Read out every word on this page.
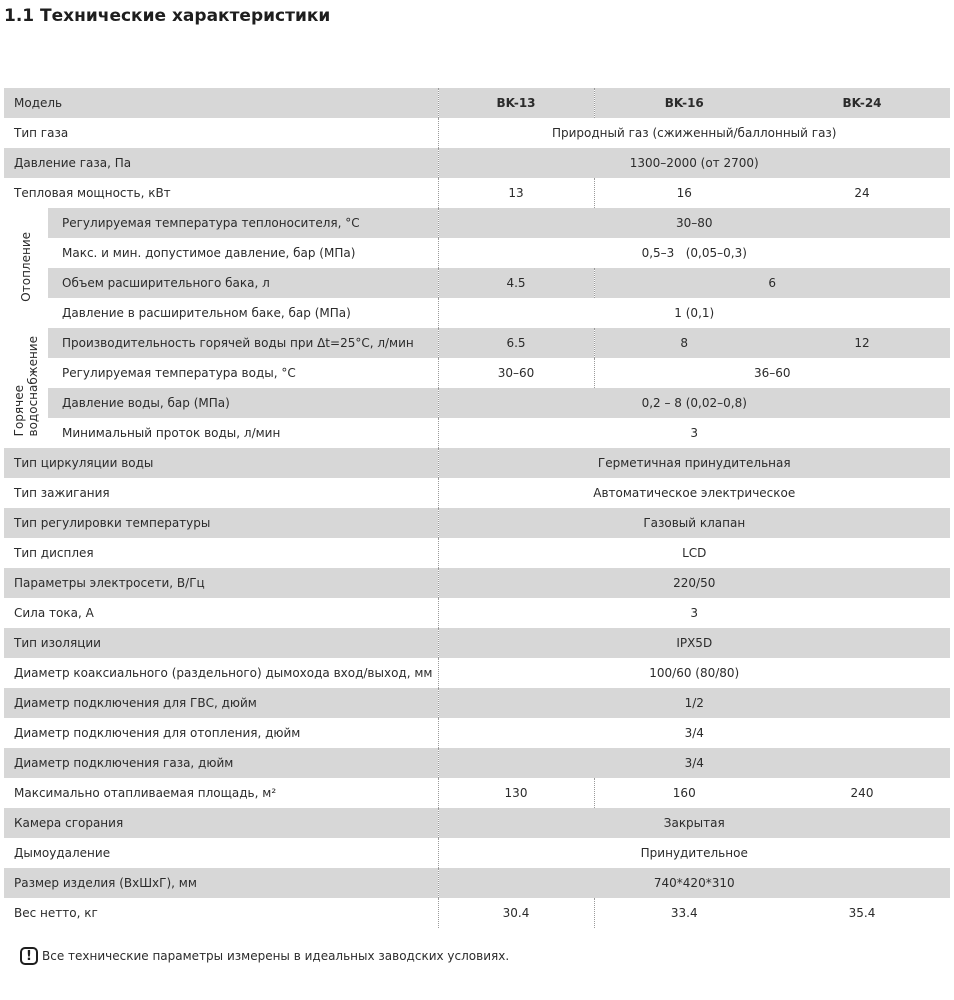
1.1 Технические характеристики
Модель		BK-13	BK-16	BK-24
Тип газа		Природный газ (сжиженный/баллонный газ)		
Давление газа, Па		1300–2000 (от 2700)		
Тепловая мощность, кВт		13	16	24
Отопление	Регулируемая температура теплоносителя, °С	30–80		
	Макс. и мин. допустимое давление, бар (МПа)	0,5–3   (0,05–0,3)		
	Объем расширительного бака, л	4.5	6	
	Давление в расширительном баке, бар (МПа)	1 (0,1)		
Горячееводоснабжение	Производительность горячей воды при Δt=25°С, л/мин	6.5	8	12
	Регулируемая температура воды, °С	30–60	36–60	
	Давление воды, бар (МПа)	0,2 – 8 (0,02–0,8)		
	Минимальный проток воды, л/мин	3		
Тип циркуляции воды		Герметичная принудительная		
Тип зажигания		Автоматическое электрическое		
Тип регулировки температуры		Газовый клапан		
Тип дисплея		LCD		
Параметры электросети, В/Гц		220/50		
Сила тока, А		3		
Тип изоляции		IPX5D		
Диаметр коаксиального (раздельного) дымохода вход/выход, мм		100/60 (80/80)		
Диаметр подключения для ГВС, дюйм		1/2		
Диаметр подключения для отопления, дюйм		3/4		
Диаметр подключения газа, дюйм		3/4		
Максимально отапливаемая площадь, м²		130	160	240
Камера сгорания		Закрытая		
Дымоудаление		Принудительное		
Размер изделия (ВхШхГ), мм		740*420*310		
Вес нетто, кг		30.4	33.4	35.4
! Все технические параметры измерены в идеальных заводских условиях.
